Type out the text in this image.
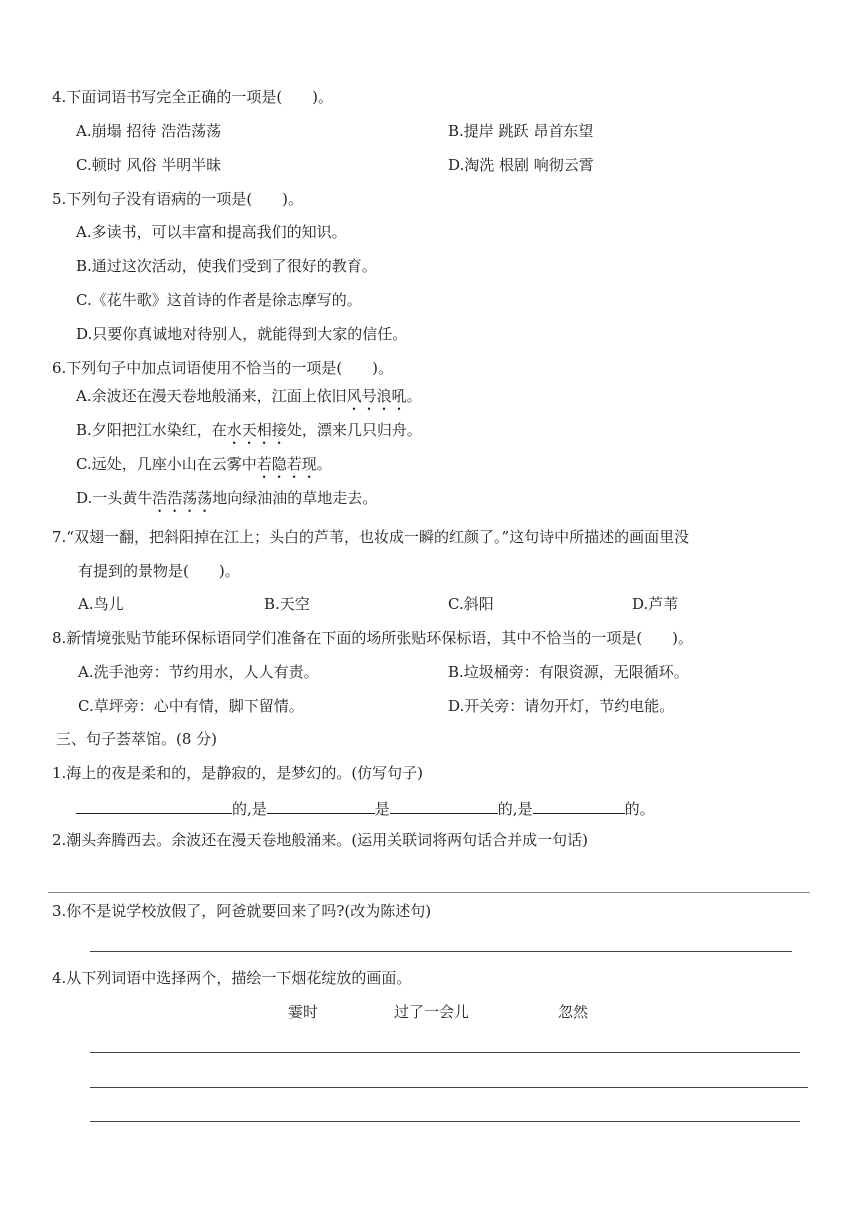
4.下面词语书写完全正确的一项是(　　)。
A.崩塌 招待 浩浩荡荡	B.提岸 跳跃 昂首东望
C.顿时 风俗 半明半昧	D.淘洗 根剧 响彻云霄
5.下列句子没有语病的一项是(　　)。
A.多读书，可以丰富和提高我们的知识。
B.通过这次活动，使我们受到了很好的教育。
C.《花牛歌》这首诗的作者是徐志摩写的。
D.只要你真诚地对待别人，就能得到大家的信任。
6.下列句子中加点词语使用不恰当的一项是(　　)。
A.余波还在漫天卷地般涌来，江面上依旧风号浪吼。
B.夕阳把江水染红，在水天相接处，漂来几只归舟。
C.远处，几座小山在云雾中若隐若现。
D.一头黄牛浩浩荡荡地向绿油油的草地走去。
7.“双翅一翻，把斜阳掉在江上；头白的芦苇，也妆成一瞬的红颜了。”这句诗中所描述的画面里没
有提到的景物是(　　)。
A.鸟儿	B.天空	C.斜阳	D.芦苇
8.新情境张贴节能环保标语同学们准备在下面的场所张贴环保标语，其中不恰当的一项是(　　)。
A.洗手池旁：节约用水，人人有责。	B.垃圾桶旁：有限资源，无限循环。
C.草坪旁：心中有情，脚下留情。	D.开关旁：请勿开灯，节约电能。
三、句子荟萃馆。(8 分)
1.海上的夜是柔和的，是静寂的，是梦幻的。(仿写句子)
的,是	是	的,是	的。
2.潮头奔腾西去。余波还在漫天卷地般涌来。(运用关联词将两句话合并成一句话)
3.你不是说学校放假了，阿爸就要回来了吗?(改为陈述句)
4.从下列词语中选择两个，描绘一下烟花绽放的画面。
霎时	过了一会儿	忽然
